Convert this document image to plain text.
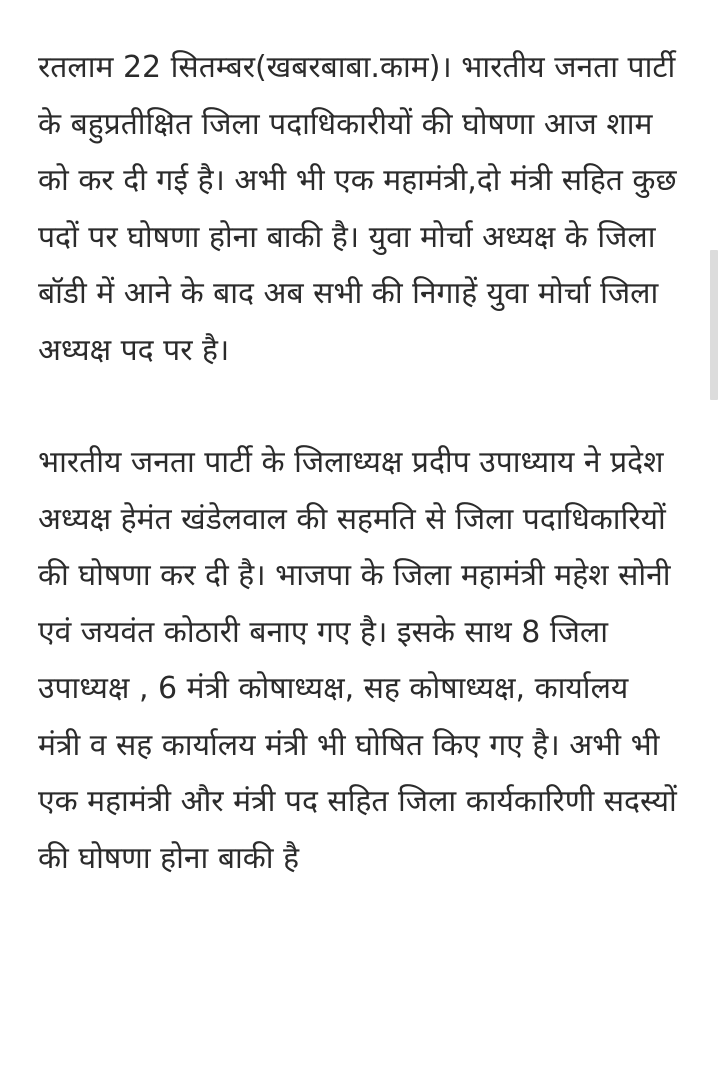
रतलाम 22 सितम्बर(खबरबाबा.काम)। भारतीय जनता पार्टी के बहुप्रतीक्षित जिला पदाधिकारीयों की घोषणा आज शाम को कर दी गई है। अभी भी एक महामंत्री,दो मंत्री सहित कुछ पदों पर घोषणा होना बाकी है। युवा मोर्चा अध्यक्ष के जिला बॉडी में आने के बाद अब सभी की निगाहें युवा मोर्चा जिला अध्यक्ष पद पर है।

भारतीय जनता पार्टी के जिलाध्यक्ष प्रदीप उपाध्याय ने प्रदेश अध्यक्ष हेमंत खंडेलवाल की सहमति से जिला पदाधिकारियों की घोषणा कर दी है। भाजपा के जिला महामंत्री महेश सोनी एवं जयवंत कोठारी बनाए गए है। इसके साथ 8 जिला उपाध्यक्ष , 6 मंत्री कोषाध्यक्ष, सह कोषाध्यक्ष, कार्यालय मंत्री व सह कार्यालय मंत्री भी घोषित किए गए है। अभी भी एक महामंत्री और मंत्री पद सहित जिला कार्यकारिणी सदस्यों की घोषणा होना बाकी है
